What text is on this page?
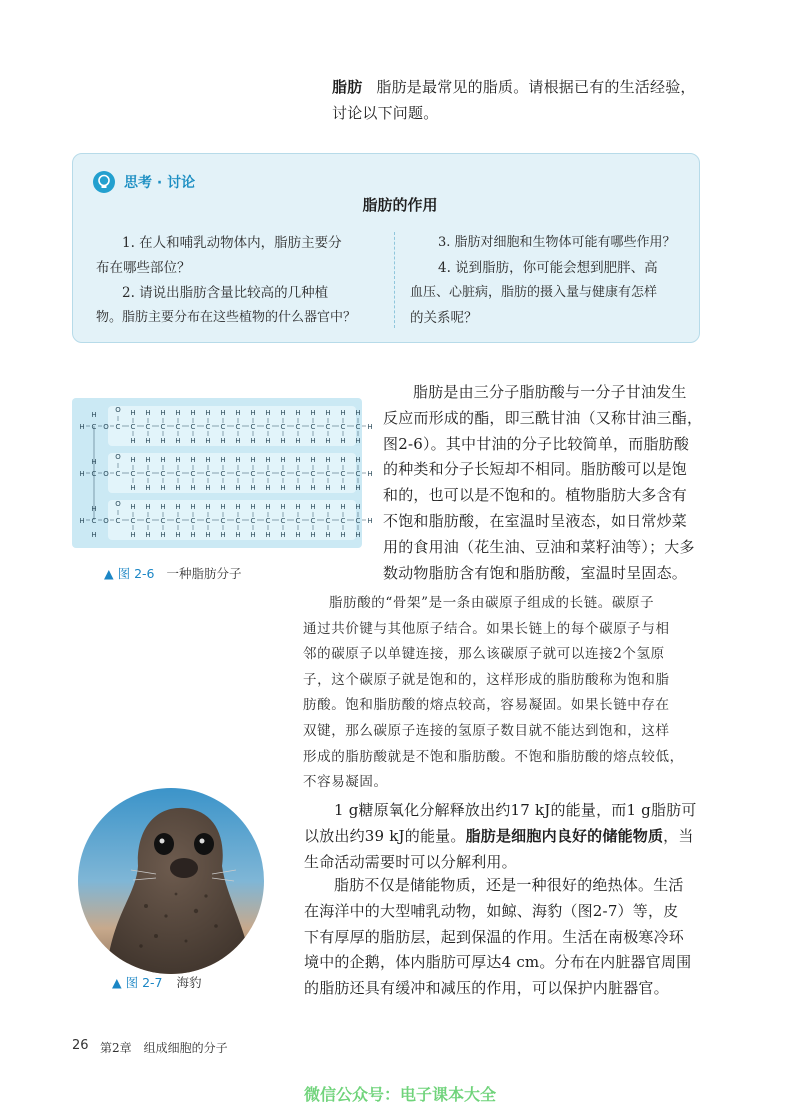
脂肪 脂肪是最常见的脂质。请根据已有的生活经验，
讨论以下问题。
思考 · 讨论
脂肪的作用
1. 在人和哺乳动物体内，脂肪主要分
布在哪些部位？
2. 请说出脂肪含量比较高的几种植
物。脂肪主要分布在这些植物的什么器官中？
3. 脂肪对细胞和生物体可能有哪些作用？
4. 说到脂肪，你可能会想到肥胖、高
血压、心脏病，脂肪的摄入量与健康有怎样
的关系呢？
H C O
H
C
O
C
H
H
C
H
H
C
H
H
C
H
H
C
H
H
C
H
H
C
H
H
C
H
H
C
H
H
C
H
H
C
H
H
C
H
H
C
H
H
C
H
H
C
H
H
C
H
H
H
H C O
H
C
O
C
H
H
C
H
H
C
H
H
C
H
H
C
H
H
C
H
H
C
H
H
C
H
H
C
H
H
C
H
H
C
H
H
C
H
H
C
H
H
C
H
H
C
H
H
C
H
H
H
H C O
H
C
O
C
H
H
C
H
H
C
H
H
C
H
H
C
H
H
C
H
H
C
H
H
C
H
H
C
H
H
C
H
H
C
H
H
C
H
H
C
H
H
C
H
H
C
H
H
C
H
H
H
H
▲ 图 2-6 一种脂肪分子
脂肪是由三分子脂肪酸与一分子甘油发生
反应而形成的酯，即三酰甘油（又称甘油三酯，
图2-6）。其中甘油的分子比较简单，而脂肪酸
的种类和分子长短却不相同。脂肪酸可以是饱
和的，也可以是不饱和的。植物脂肪大多含有
不饱和脂肪酸，在室温时呈液态，如日常炒菜
用的食用油（花生油、豆油和菜籽油等）；大多
数动物脂肪含有饱和脂肪酸，室温时呈固态。
脂肪酸的“骨架”是一条由碳原子组成的长链。碳原子
通过共价键与其他原子结合。如果长链上的每个碳原子与相
邻的碳原子以单键连接，那么该碳原子就可以连接2个氢原
子，这个碳原子就是饱和的，这样形成的脂肪酸称为饱和脂
肪酸。饱和脂肪酸的熔点较高，容易凝固。如果长链中存在
双键，那么碳原子连接的氢原子数目就不能达到饱和，这样
形成的脂肪酸就是不饱和脂肪酸。不饱和脂肪酸的熔点较低，
不容易凝固。
▲ 图 2-7 海豹
1 g糖原氧化分解释放出约17 kJ的能量，而1 g脂肪可
以放出约39 kJ的能量。脂肪是细胞内良好的储能物质，当
生命活动需要时可以分解利用。
脂肪不仅是储能物质，还是一种很好的绝热体。生活
在海洋中的大型哺乳动物，如鲸、海豹（图2-7）等，皮
下有厚厚的脂肪层，起到保温的作用。生活在南极寒冷环
境中的企鹅，体内脂肪可厚达4 cm。分布在内脏器官周围
的脂肪还具有缓冲和减压的作用，可以保护内脏器官。
26 第2章　组成细胞的分子
微信公众号：电子课本大全
